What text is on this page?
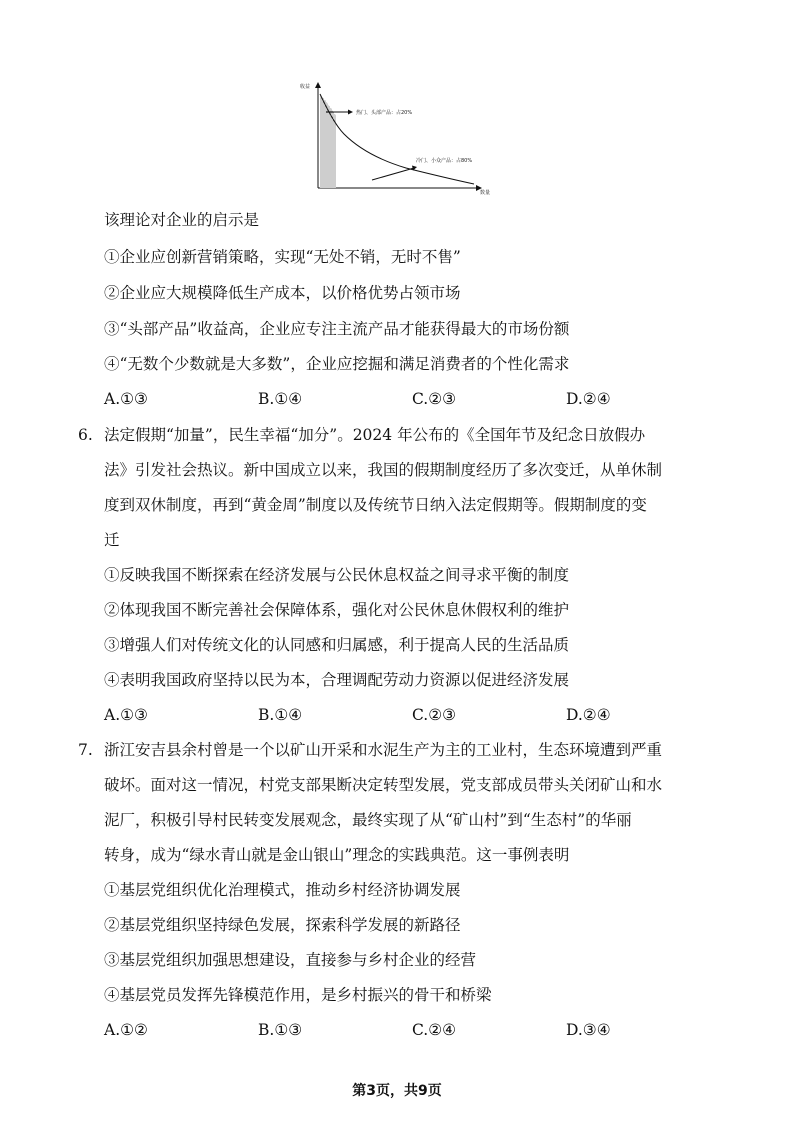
收益
数量
热门、头部产品：占20%
冷门、小众产品：占80%
该理论对企业的启示是
①企业应创新营销策略，实现“无处不销，无时不售”
②企业应大规模降低生产成本，以价格优势占领市场
③“头部产品”收益高，企业应专注主流产品才能获得最大的市场份额
④“无数个少数就是大多数”，企业应挖掘和满足消费者的个性化需求
A.①③	B.①④	C.②③	D.②④
6. 法定假期“加量”，民生幸福“加分”。2024 年公布的《全国年节及纪念日放假办
法》引发社会热议。新中国成立以来，我国的假期制度经历了多次变迁，从单休制
度到双休制度，再到“黄金周”制度以及传统节日纳入法定假期等。假期制度的变
迁
①反映我国不断探索在经济发展与公民休息权益之间寻求平衡的制度
②体现我国不断完善社会保障体系，强化对公民休息休假权利的维护
③增强人们对传统文化的认同感和归属感，利于提高人民的生活品质
④表明我国政府坚持以民为本，合理调配劳动力资源以促进经济发展
A.①③	B.①④	C.②③	D.②④
7. 浙江安吉县余村曾是一个以矿山开采和水泥生产为主的工业村，生态环境遭到严重
破坏。面对这一情况，村党支部果断决定转型发展，党支部成员带头关闭矿山和水
泥厂，积极引导村民转变发展观念，最终实现了从“矿山村”到“生态村”的华丽
转身，成为“绿水青山就是金山银山”理念的实践典范。这一事例表明
①基层党组织优化治理模式，推动乡村经济协调发展
②基层党组织坚持绿色发展，探索科学发展的新路径
③基层党组织加强思想建设，直接参与乡村企业的经营
④基层党员发挥先锋模范作用，是乡村振兴的骨干和桥梁
A.①②	B.①③	C.②④	D.③④
第3页，共9页
